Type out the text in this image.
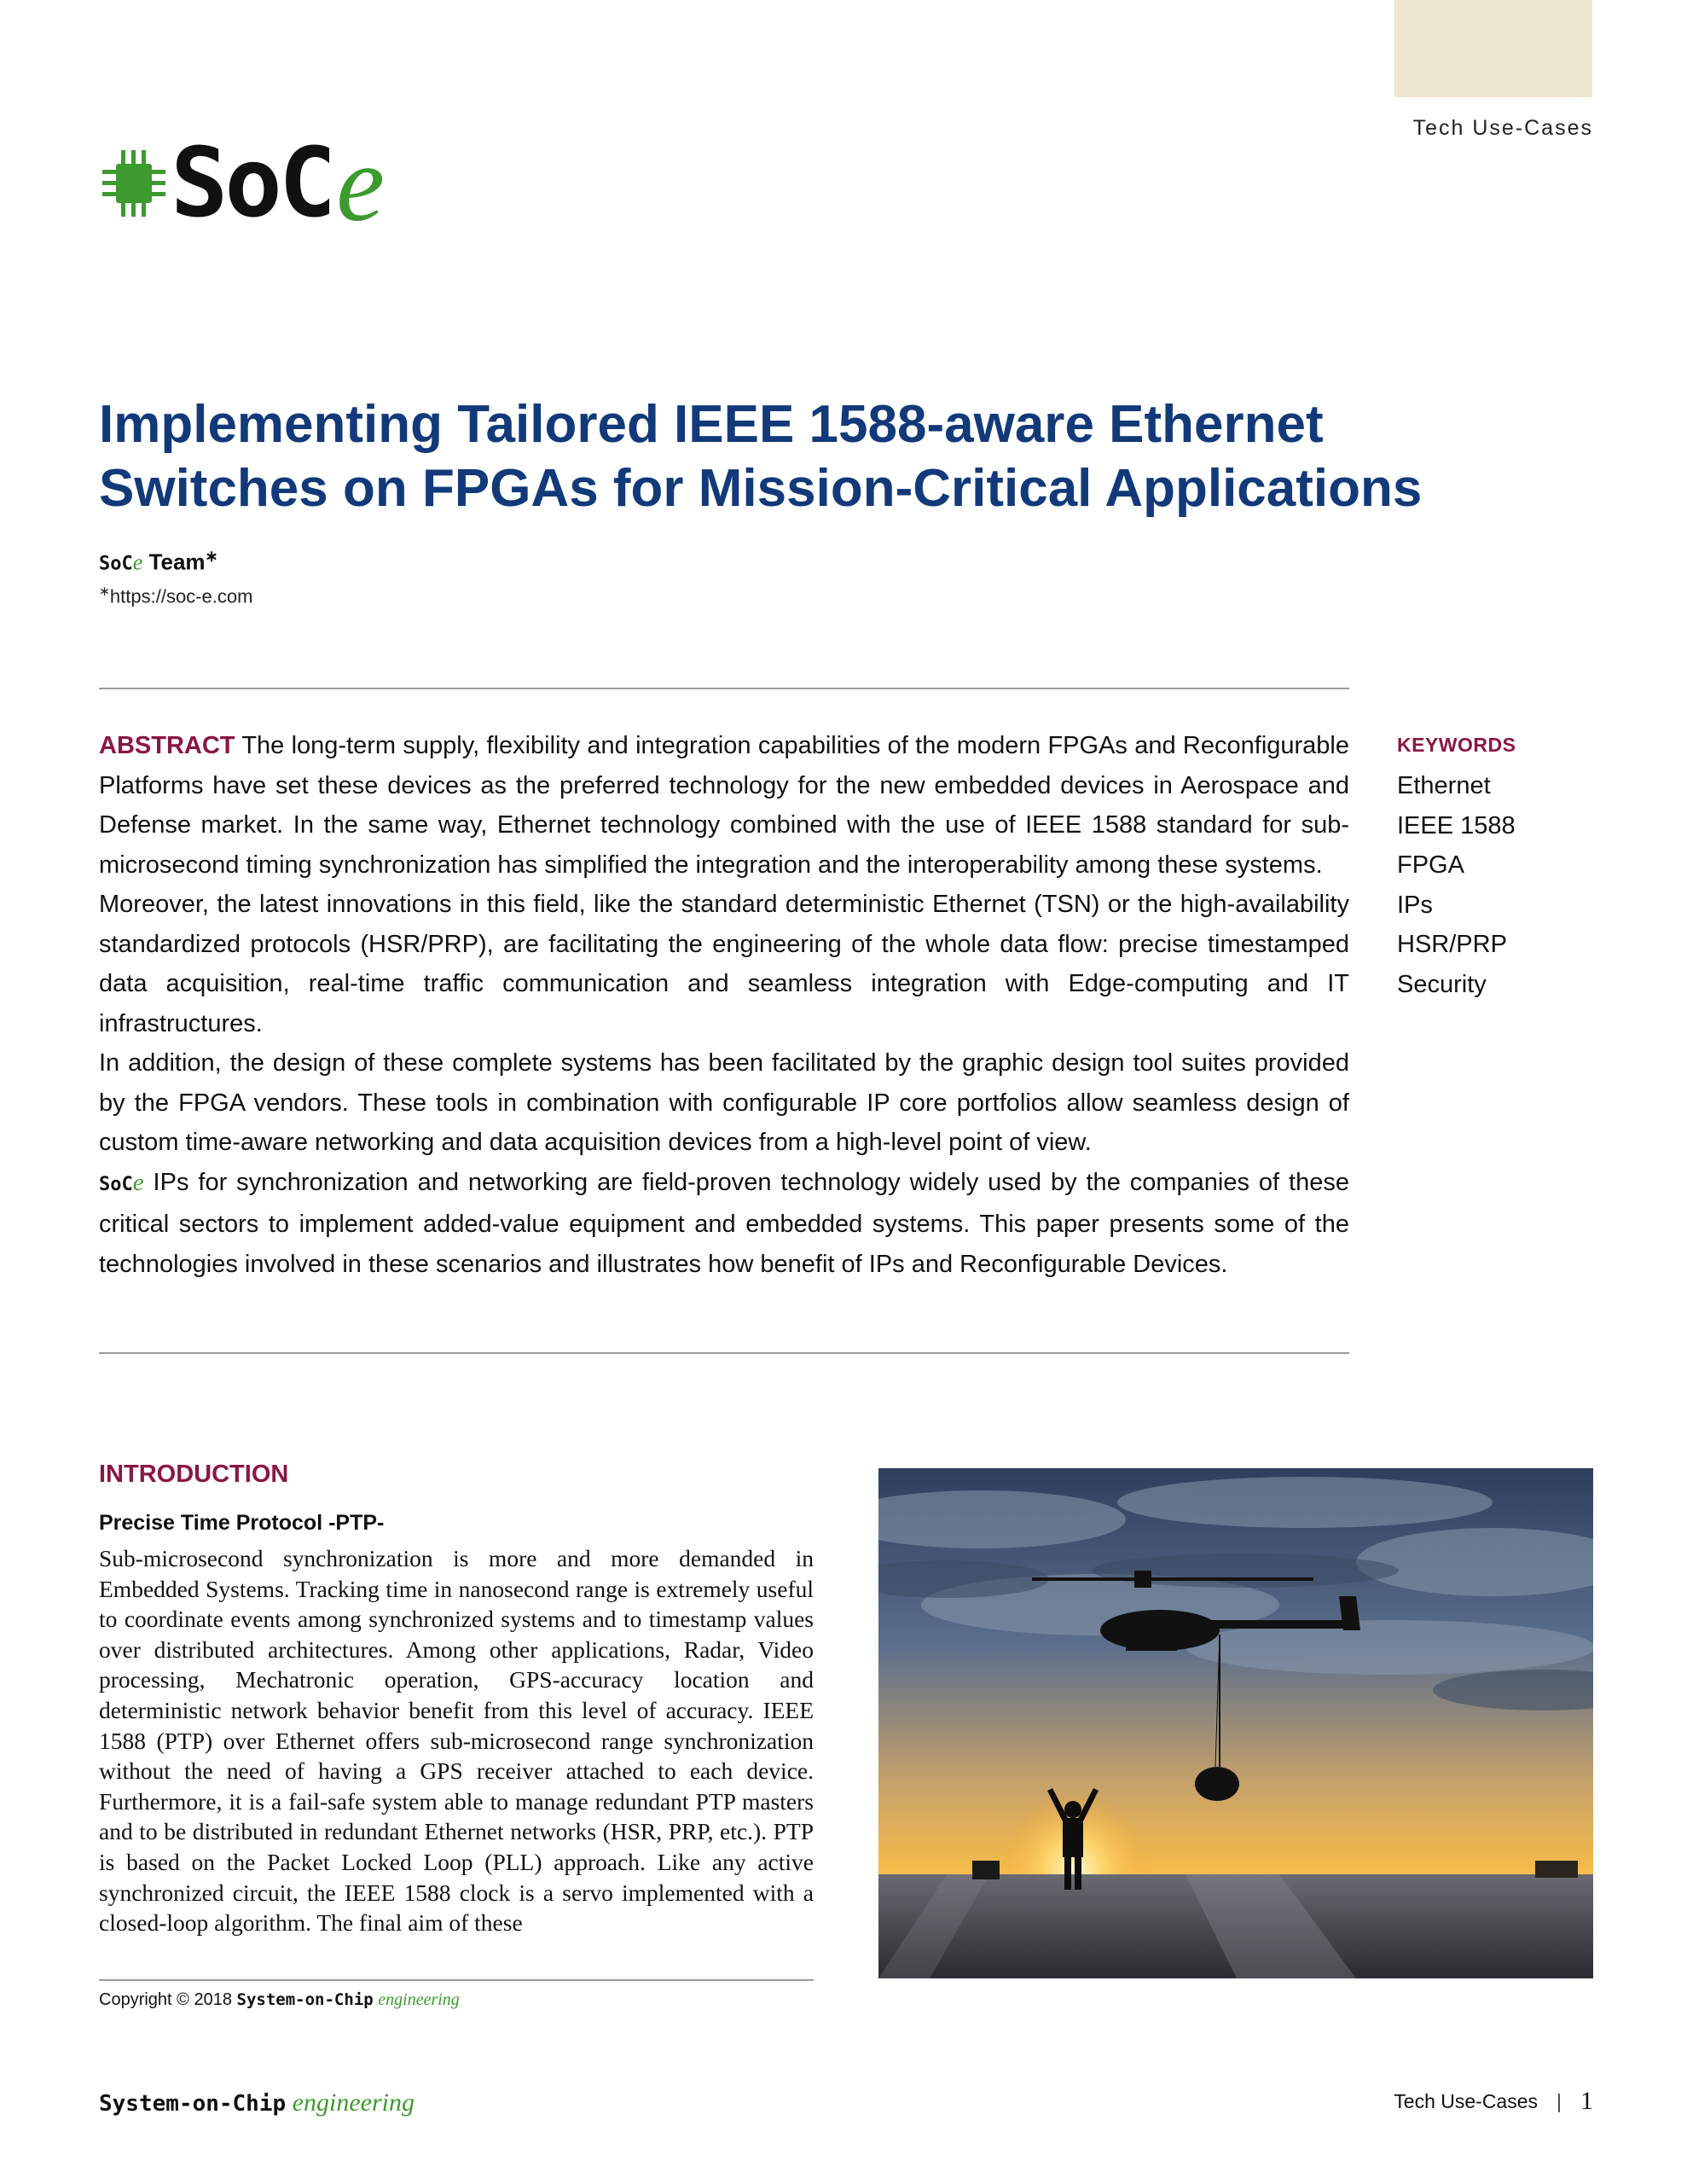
Tech Use-Cases
SoC e
Implementing Tailored IEEE 1588-aware Ethernet
Switches on FPGAs for Mission-Critical Applications
SoCe Team∗
∗https://soc-e.com

ABSTRACT The long-term supply, flexibility and integration capabilities of the modern FPGAs and Reconfigurable Platforms have set these devices as the preferred technology for the new embedded devices in Aerospace and Defense market. In the same way, Ethernet technology combined with the use of IEEE 1588 standard for sub-microsecond timing synchronization has simplified the integration and the interoperability among these systems.

Moreover, the latest innovations in this field, like the standard deterministic Ethernet (TSN) or the high-availability standardized protocols (HSR/PRP), are facilitating the engineering of the whole data flow: precise timestamped data acquisition, real-time traffic communication and seamless integration with Edge-computing and IT infrastructures.

In addition, the design of these complete systems has been facilitated by the graphic design tool suites provided by the FPGA vendors. These tools in combination with configurable IP core portfolios allow seamless design of custom time-aware networking and data acquisition devices from a high-level point of view.

SoCe IPs for synchronization and networking are field-proven technology widely used by the companies of these critical sectors to implement added-value equipment and embedded systems. This paper presents some of the technologies involved in these scenarios and illustrates how benefit of IPs and Reconfigurable Devices.

KEYWORDS
Ethernet
IEEE 1588
FPGA
IPs
HSR/PRP
Security
INTRODUCTION
Precise Time Protocol -PTP-

Sub-microsecond synchronization is more and more demanded in Embedded Systems. Tracking time in nanosecond range is extremely useful to coordinate events among synchronized systems and to timestamp values over distributed architectures. Among other applications, Radar, Video processing, Mechatronic operation, GPS-accuracy location and deterministic network behavior benefit from this level of accuracy. IEEE 1588 (PTP) over Ethernet offers sub-microsecond range synchronization without the need of having a GPS receiver attached to each device. Furthermore, it is a fail-safe system able to manage redundant PTP masters and to be distributed in redundant Ethernet networks (HSR, PRP, etc.). PTP is based on the Packet Locked Loop (PLL) approach. Like any active synchronized circuit, the IEEE 1588 clock is a servo implemented with a closed-loop algorithm. The final aim of these

Copyright © 2018 System-on-Chip engineering
System-on-Chip engineering	Tech Use-Cases | 1
